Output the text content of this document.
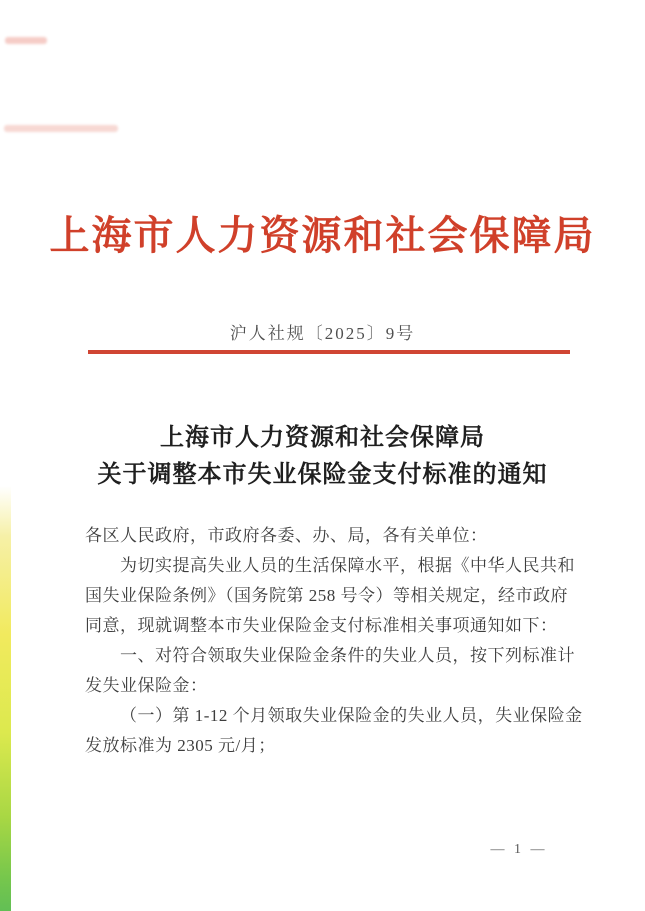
上海市人力资源和社会保障局
沪人社规〔2025〕9号
上海市人力资源和社会保障局
关于调整本市失业保险金支付标准的通知
各区人民政府，市政府各委、办、局，各有关单位：
为切实提高失业人员的生活保障水平，根据《中华人民共和
国失业保险条例》（国务院第 258 号令）等相关规定，经市政府
同意，现就调整本市失业保险金支付标准相关事项通知如下：
一、对符合领取失业保险金条件的失业人员，按下列标准计
发失业保险金：
（一）第 1-12 个月领取失业保险金的失业人员，失业保险金
发放标准为 2305 元/月；
— 1 —
